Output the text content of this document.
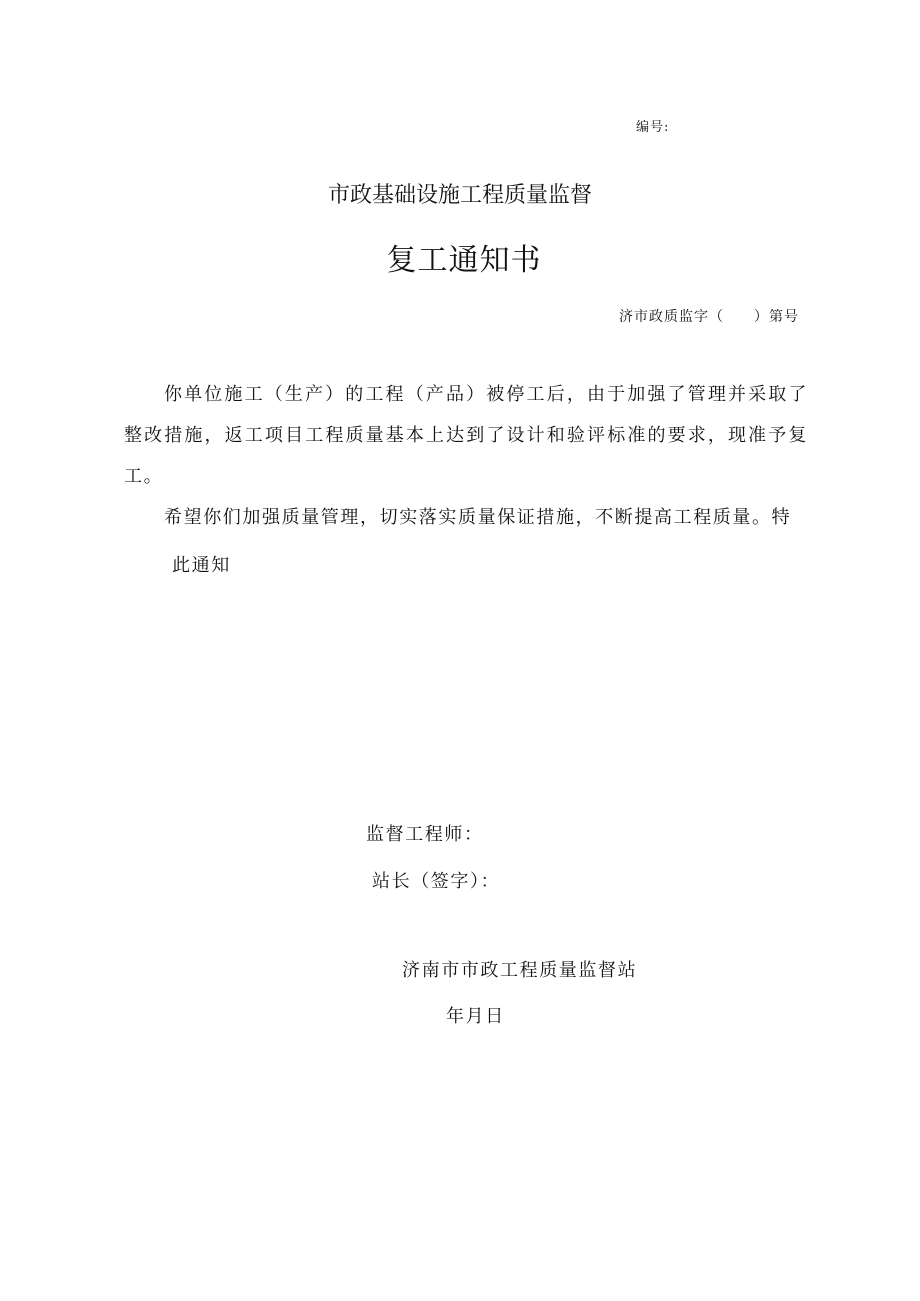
编号:
市政基础设施工程质量监督
复工通知书
济市政质监字（ ）第号

你单位施工（生产）的工程（产品）被停工后，由于加强了管理并采取了整改措施，返工项目工程质量基本上达到了设计和验评标准的要求，现准予复工。

希望你们加强质量管理，切实落实质量保证措施，不断提高工程质量。特

此通知
监督工程师：
站长（签字）：
济南市市政工程质量监督站
年月日
